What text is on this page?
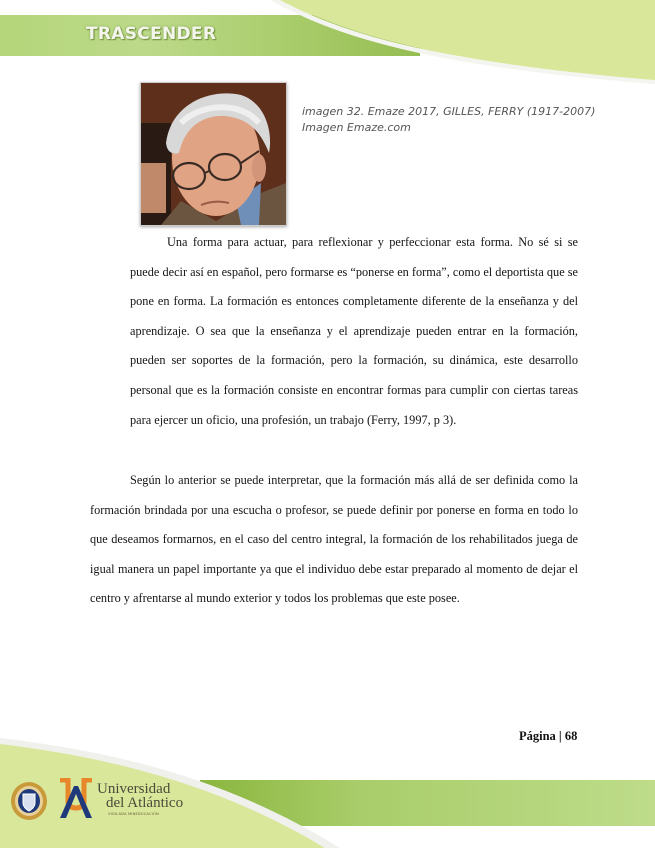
TRASCENDER
imagen 32. Emaze 2017, GILLES, FERRY (1917-2007)
Imagen Emaze.com
Una forma para actuar, para reflexionar y perfeccionar esta forma. No sé si se puede decir así en español, pero formarse es “ponerse en forma”, como el deportista que se pone en forma. La formación es entonces completamente diferente de la enseñanza y del aprendizaje. O sea que la enseñanza y el aprendizaje pueden entrar en la formación, pueden ser soportes de la formación, pero la formación, su dinámica, este desarrollo personal que es la formación consiste en encontrar formas para cumplir con ciertas tareas para ejercer un oficio, una profesión, un trabajo (Ferry, 1997, p 3).
Según lo anterior se puede interpretar, que la formación más allá de ser definida como la formación brindada por una escucha o profesor, se puede definir por ponerse en forma en todo lo que deseamos formarnos, en el caso del centro integral, la formación de los rehabilitados juega de igual manera un papel importante ya que el individuo debe estar preparado al momento de dejar el centro y afrentarse al mundo exterior y todos los problemas que este posee.
Página | 68
Universidad
del Atlántico
VIGILADA MINEDUCACIÓN
